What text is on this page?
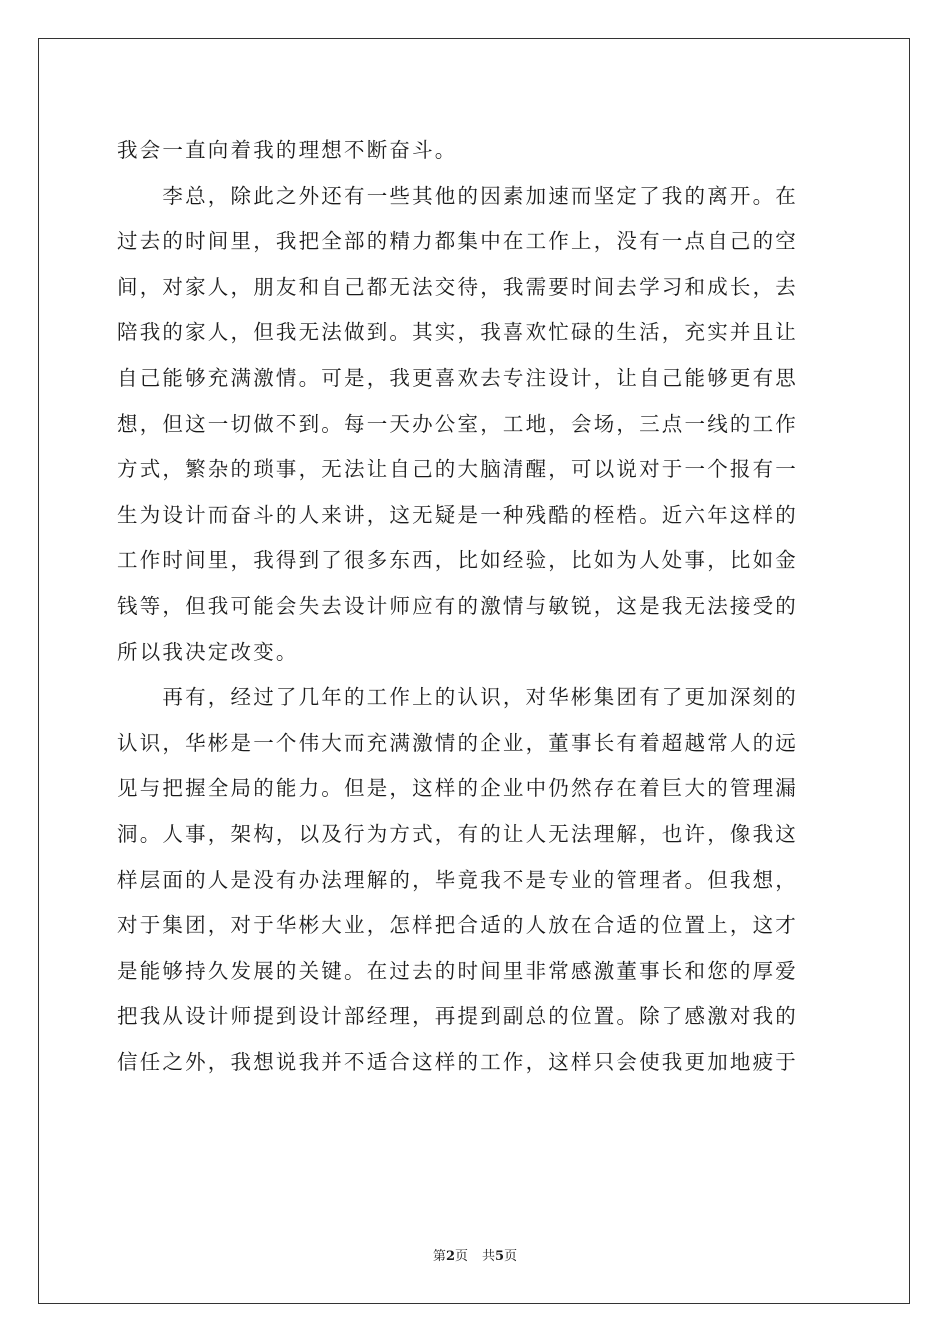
我会一直向着我的理想不断奋斗。
　　李总，除此之外还有一些其他的因素加速而坚定了我的离开。在
过去的时间里，我把全部的精力都集中在工作上，没有一点自己的空
间，对家人，朋友和自己都无法交待，我需要时间去学习和成长，去
陪我的家人，但我无法做到。其实，我喜欢忙碌的生活，充实并且让
自己能够充满激情。可是，我更喜欢去专注设计，让自己能够更有思
想，但这一切做不到。每一天办公室，工地，会场，三点一线的工作
方式，繁杂的琐事，无法让自己的大脑清醒，可以说对于一个报有一
生为设计而奋斗的人来讲，这无疑是一种残酷的桎梏。近六年这样的
工作时间里，我得到了很多东西，比如经验，比如为人处事，比如金
钱等，但我可能会失去设计师应有的激情与敏锐，这是我无法接受的
所以我决定改变。
　　再有，经过了几年的工作上的认识，对华彬集团有了更加深刻的
认识，华彬是一个伟大而充满激情的企业，董事长有着超越常人的远
见与把握全局的能力。但是，这样的企业中仍然存在着巨大的管理漏
洞。人事，架构，以及行为方式，有的让人无法理解，也许，像我这
样层面的人是没有办法理解的，毕竟我不是专业的管理者。但我想，
对于集团，对于华彬大业，怎样把合适的人放在合适的位置上，这才
是能够持久发展的关键。在过去的时间里非常感激董事长和您的厚爱
把我从设计师提到设计部经理，再提到副总的位置。除了感激对我的
信任之外，我想说我并不适合这样的工作，这样只会使我更加地疲于
第2页 共5页
